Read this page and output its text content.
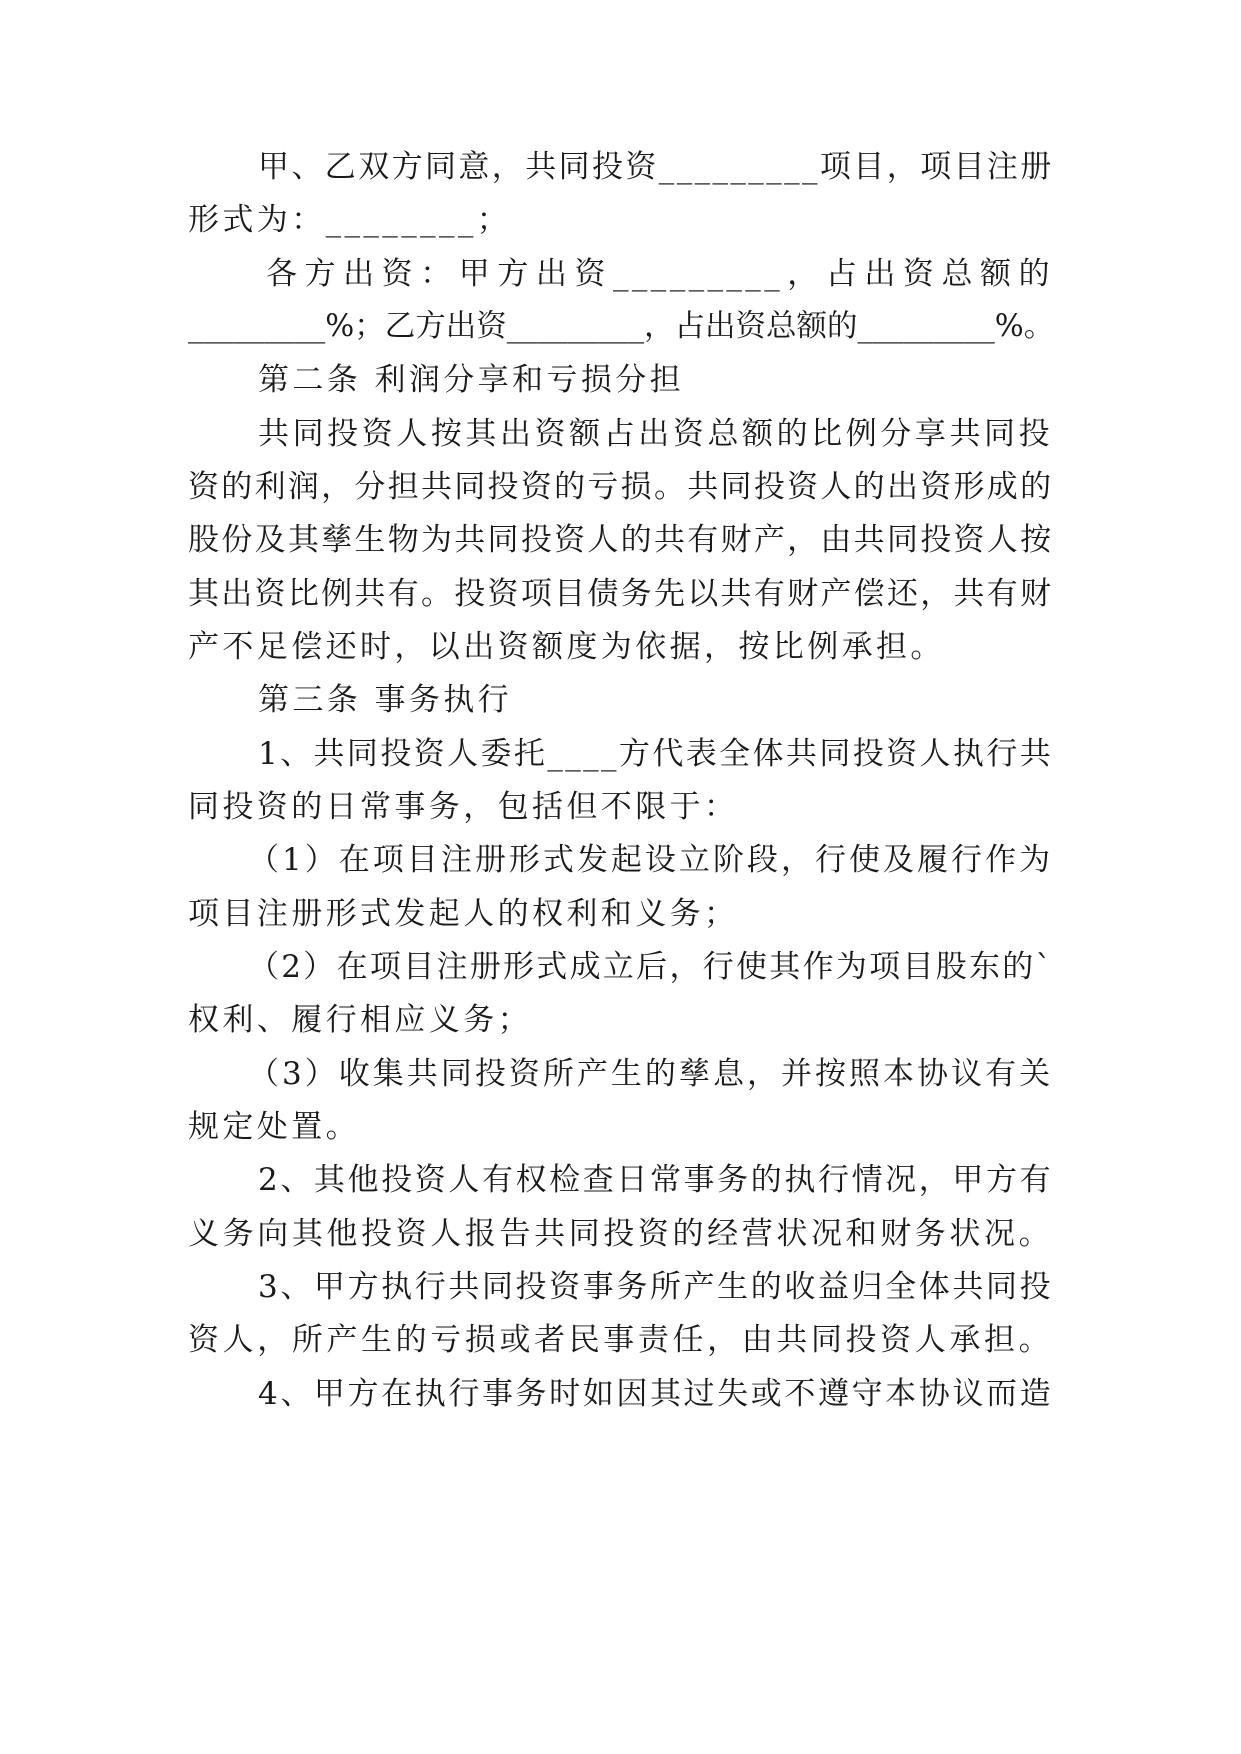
甲、乙双方同意，共同投资_________项目，项目注册
形式为：________；
各方出资：甲方出资_________，占出资总额的
_________%；乙方出资_________，占出资总额的_________%。
第二条 利润分享和亏损分担
共同投资人按其出资额占出资总额的比例分享共同投
资的利润，分担共同投资的亏损。共同投资人的出资形成的
股份及其孳生物为共同投资人的共有财产，由共同投资人按
其出资比例共有。投资项目债务先以共有财产偿还，共有财
产不足偿还时，以出资额度为依据，按比例承担。
第三条 事务执行
1、共同投资人委托____方代表全体共同投资人执行共
同投资的日常事务，包括但不限于：
（1）在项目注册形式发起设立阶段，行使及履行作为
项目注册形式发起人的权利和义务；
（2）在项目注册形式成立后，行使其作为项目股东的`
权利、履行相应义务；
（3）收集共同投资所产生的孳息，并按照本协议有关
规定处置。
2、其他投资人有权检查日常事务的执行情况，甲方有
义务向其他投资人报告共同投资的经营状况和财务状况。
3、甲方执行共同投资事务所产生的收益归全体共同投
资人，所产生的亏损或者民事责任，由共同投资人承担。
4、甲方在执行事务时如因其过失或不遵守本协议而造
